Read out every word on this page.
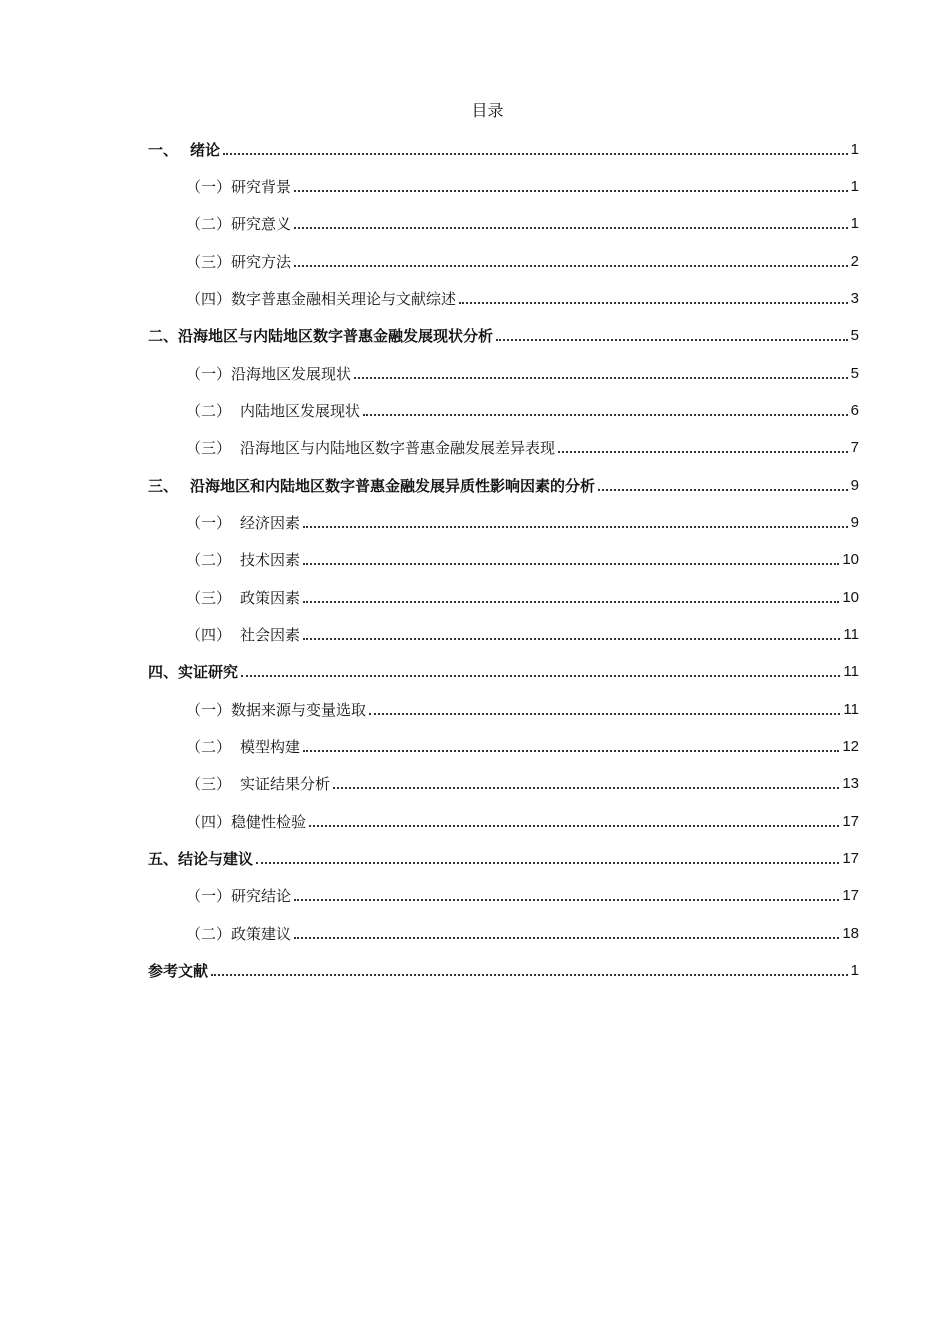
目录
一、 绪论	1
（一） 研究背景	1
（二） 研究意义	1
（三） 研究方法	2
（四） 数字普惠金融相关理论与文献综述	3
二、 沿海地区与内陆地区数字普惠金融发展现状分析	5
（一） 沿海地区发展现状	5
（二） 内陆地区发展现状	6
（三） 沿海地区与内陆地区数字普惠金融发展差异表现	7
三、 沿海地区和内陆地区数字普惠金融发展异质性影响因素的分析	9
（一） 经济因素	9
（二） 技术因素	10
（三） 政策因素	10
（四） 社会因素	11
四、 实证研究	11
（一） 数据来源与变量选取	11
（二） 模型构建	12
（三） 实证结果分析	13
（四） 稳健性检验	17
五、 结论与建议	17
（一） 研究结论	17
（二） 政策建议	18
参考文献	1
